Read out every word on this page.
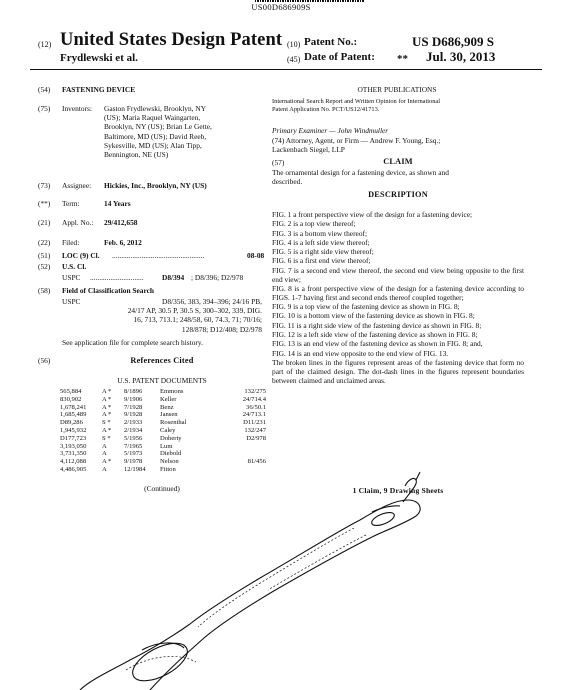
US00D686909S
(12) United States Design Patent
Frydlewski et al.
(10) Patent No.:	US D686,909 S
(45) Date of Patent: ** Jul. 30, 2013
(54) FASTENING DEVICE
(75) Inventors: Gaston Frydlewski, Brooklyn, NY
(US); Maria Raquel Waingarten,
Brooklyn, NY (US); Brian Le Gette,
Baltimore, MD (US); David Reeb,
Sykesville, MD (US); Alan Tipp,
Bennington, NE (US)
(73) Assignee: Hickies, Inc., Brooklyn, NY (US)
(**) Term:	14 Years
(21) Appl. No.: 29/412,658
(22) Filed:	Feb. 6, 2012
(51) LOC (9) Cl. ..................................................	08-08
(52) U.S. Cl.
USPC ............................. D8/394 ; D8/396; D2/978
(58) Field of Classification Search
USPC	D8/356, 383, 394–396; 24/16 PB,
24/17 AP, 30.5 P, 30.5 S, 300–302, 339, DIG.
16, 713, 713.1; 248/58, 60, 74.3, 71; 70/16;
128/878; D12/408; D2/978
See application file for complete search history.
(56)	References Cited
U.S. PATENT DOCUMENTS
565,884	A * 8/1896	Emmons	132/275
830,902	A * 9/1906	Keller	24/714.4
1,678,241 A * 7/1928	Benz	36/50.1
1,685,489 A * 9/1928	Jansen	24/713.1
D89,286	S * 2/1933	Rosenthal	D11/231
1,945,932 A * 2/1934	Caley	132/247
D177,723 S * 5/1956	Doherty	D2/978
3,193,050 A	7/1965	Lum
3,731,350 A	5/1973	Diebold
4,112,088 A * 9/1978	Nelson	81/456
4,486,905 A	12/1984 Fitton
(Continued)
OTHER PUBLICATIONS
International Search Report and Written Opinion for International
Patent Application No. PCT/US12/41713.
Primary Examiner — John Windmuller
(74) Attorney, Agent, or Firm — Andrew F. Young, Esq.;
Lackenbach Siegel, LLP
(57)	CLAIM
The ornamental design for a fastening device, as shown and
described.
DESCRIPTION

FIG. 1 a front perspective view of the design for a fastening device;

FIG. 2 is a top view thereof;

FIG. 3 is a bottom view thereof;

FIG. 4 is a left side view thereof;

FIG. 5 is a right side view thereof;

FIG. 6 is a first end view thereof;

FIG. 7 is a second end view thereof, the second end view being opposite to the first end view;

FIG. 8 is a front perspective view of the design for a fastening device according to FIGS. 1-7 having first and second ends thereof coupled together;

FIG. 9 is a top view of the fastening device as shown in FIG. 8;

FIG. 10 is a bottom view of the fastening device as shown in FIG. 8;

FIG. 11 is a right side view of the fastening device as shown in FIG. 8;

FIG. 12 is a left side view of the fastening device as shown in FIG. 8;

FIG. 13 is an end view of the fastening device as shown in FIG. 8; and,

FIG. 14 is an end view opposite to the end view of FIG. 13.

The broken lines in the figures represent areas of the fastening device that form no part of the claimed design. The dot-dash lines in the figures represent boundaries between claimed and unclaimed areas.

1 Claim, 9 Drawing Sheets
